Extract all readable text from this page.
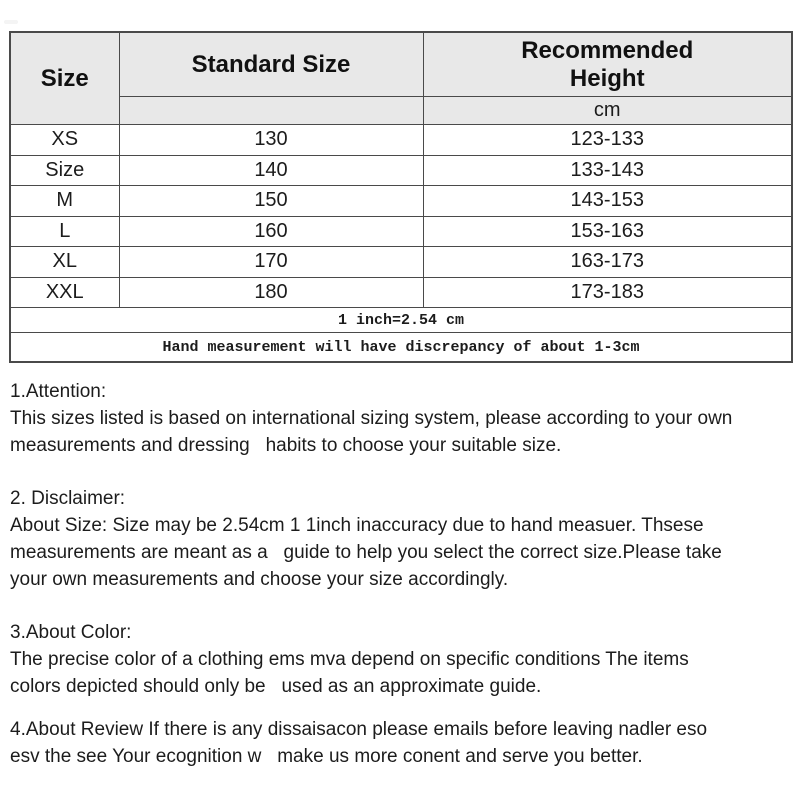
Size	Standard Size	Recommended
Height

		cm
XS	130	123-133
Size	140	133-143
M	150	143-153
L	160	153-163
XL	170	163-173
XXL	180	173-183
1 inch=2.54 cm		
Hand measurement will have discrepancy of about 1-3cm		
1.Attention:
This sizes listed is based on international sizing system, please according to your own
measurements and dressing   habits to choose your suitable size.
2. Disclaimer:
About Size: Size may be 2.54cm 1 1inch inaccuracy due to hand measuer. Thsese
measurements are meant as a   guide to help you select the correct size.Please take
your own measurements and choose your size accordingly.
3.About Color:
The precise color of a clothing ems mva depend on specific conditions The items
colors depicted should only be   used as an approximate guide.
4.About Review If there is any dissaisacon please emails before leaving nadler eso
esv the see Your ecognition w   make us more conent and serve you better.
